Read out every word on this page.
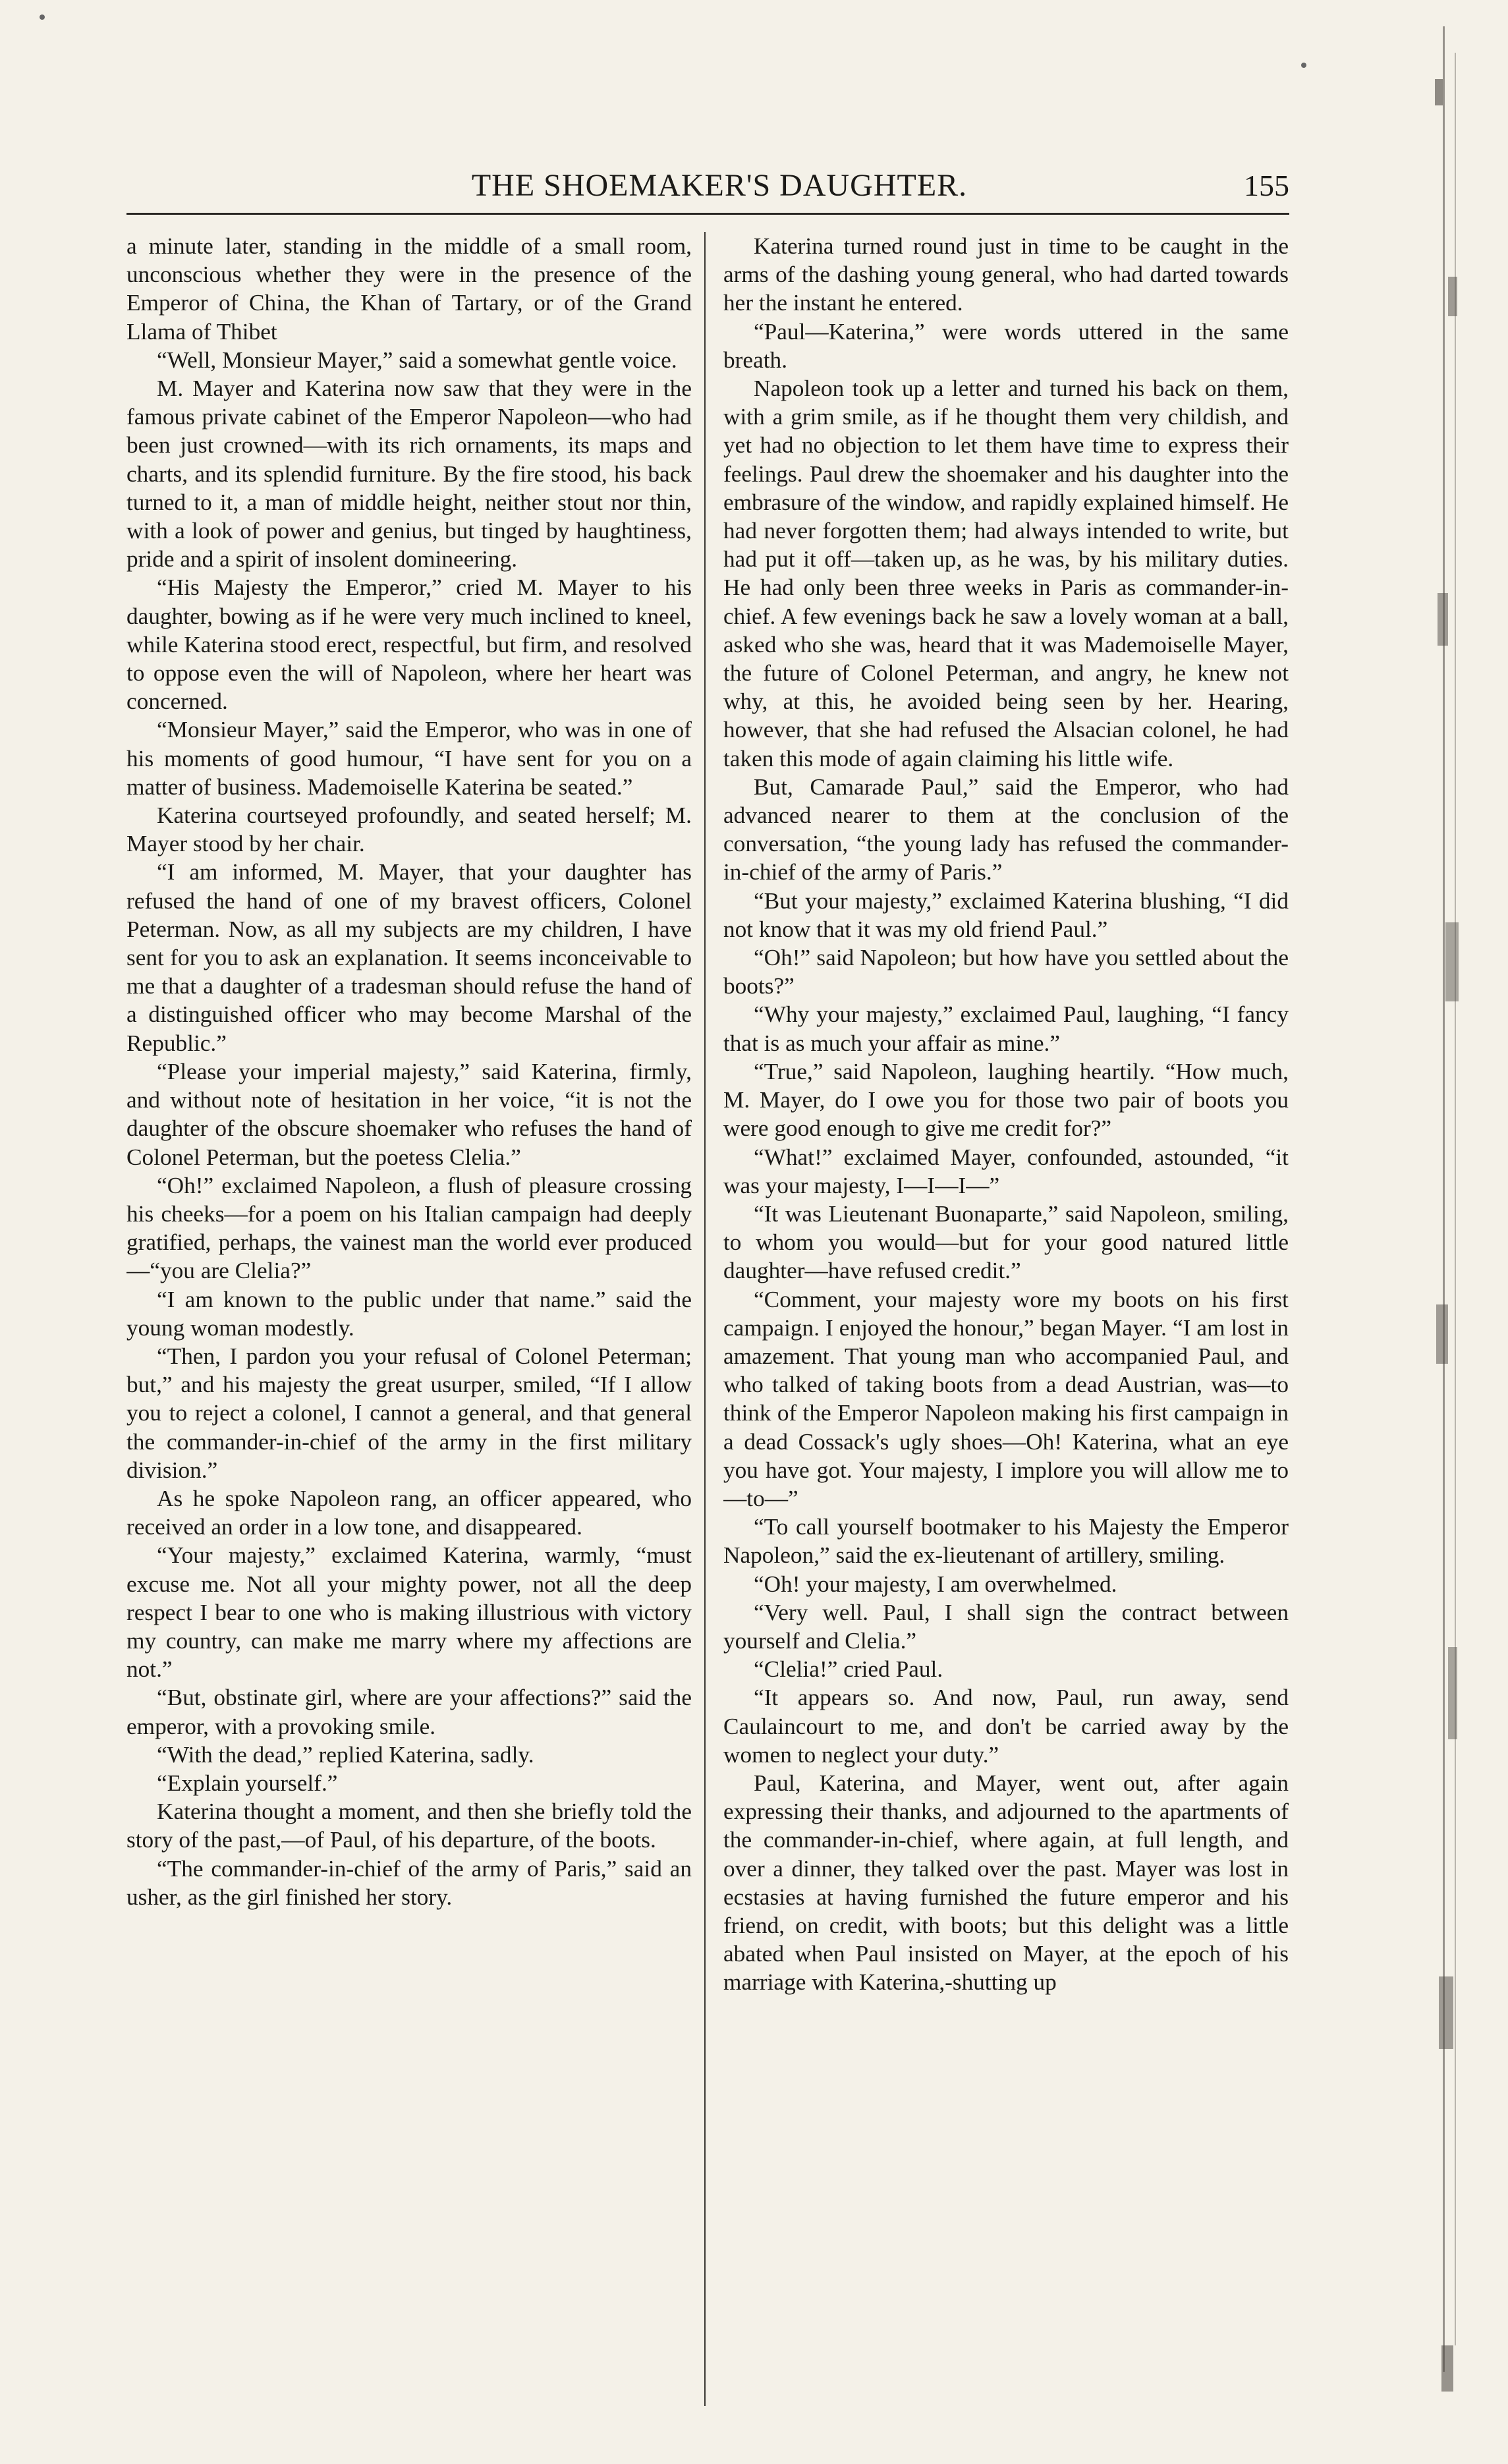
THE SHOEMAKER'S DAUGHTER.	155

a minute later, standing in the middle of a small room, unconscious whether they were in the presence of the Emperor of China, the Khan of Tartary, or of the Grand Llama of Thibet

“Well, Monsieur Mayer,” said a somewhat gentle voice.

M. Mayer and Katerina now saw that they were in the famous private cabinet of the Emperor Napoleon—who had been just crowned—with its rich ornaments, its maps and charts, and its splendid furniture. By the fire stood, his back turned to it, a man of middle height, neither stout nor thin, with a look of power and genius, but tinged by haughtiness, pride and a spirit of insolent domineering.

“His Majesty the Emperor,” cried M. Mayer to his daughter, bowing as if he were very much inclined to kneel, while Katerina stood erect, respectful, but firm, and resolved to oppose even the will of Napoleon, where her heart was concerned.

“Monsieur Mayer,” said the Emperor, who was in one of his moments of good humour, “I have sent for you on a matter of business. Mademoiselle Katerina be seated.”

Katerina courtseyed profoundly, and seated herself; M. Mayer stood by her chair.

“I am informed, M. Mayer, that your daughter has refused the hand of one of my bravest officers, Colonel Peterman. Now, as all my subjects are my children, I have sent for you to ask an explanation. It seems inconceivable to me that a daughter of a tradesman should refuse the hand of a distinguished officer who may become Marshal of the Republic.”

“Please your imperial majesty,” said Katerina, firmly, and without note of hesitation in her voice, “it is not the daughter of the obscure shoemaker who refuses the hand of Colonel Peterman, but the poetess Clelia.”

“Oh!” exclaimed Napoleon, a flush of pleasure crossing his cheeks—for a poem on his Italian campaign had deeply gratified, perhaps, the vainest man the world ever produced—“you are Clelia?”

“I am known to the public under that name.” said the young woman modestly.

“Then, I pardon you your refusal of Colonel Peterman; but,” and his majesty the great usurper, smiled, “If I allow you to reject a colonel, I cannot a general, and that general the commander-in-chief of the army in the first military division.”

As he spoke Napoleon rang, an officer appeared, who received an order in a low tone, and disappeared.

“Your majesty,” exclaimed Katerina, warmly, “must excuse me. Not all your mighty power, not all the deep respect I bear to one who is making illustrious with victory my country, can make me marry where my affections are not.”

“But, obstinate girl, where are your affections?” said the emperor, with a provoking smile.

“With the dead,” replied Katerina, sadly.

“Explain yourself.”

Katerina thought a moment, and then she briefly told the story of the past,—of Paul, of his departure, of the boots.

“The commander-in-chief of the army of Paris,” said an usher, as the girl finished her story.

Katerina turned round just in time to be caught in the arms of the dashing young general, who had darted towards her the instant he entered.

“Paul—Katerina,” were words uttered in the same breath.

Napoleon took up a letter and turned his back on them, with a grim smile, as if he thought them very childish, and yet had no objection to let them have time to express their feelings. Paul drew the shoemaker and his daughter into the embrasure of the window, and rapidly explained himself. He had never forgotten them; had always intended to write, but had put it off—taken up, as he was, by his military duties. He had only been three weeks in Paris as commander-in-chief. A few evenings back he saw a lovely woman at a ball, asked who she was, heard that it was Mademoiselle Mayer, the future of Colonel Peterman, and angry, he knew not why, at this, he avoided being seen by her. Hearing, however, that she had refused the Alsacian colonel, he had taken this mode of again claiming his little wife.

But, Camarade Paul,” said the Emperor, who had advanced nearer to them at the conclusion of the conversation, “the young lady has refused the commander-in-chief of the army of Paris.”

“But your majesty,” exclaimed Katerina blushing, “I did not know that it was my old friend Paul.”

“Oh!” said Napoleon; but how have you settled about the boots?”

“Why your majesty,” exclaimed Paul, laughing, “I fancy that is as much your affair as mine.”

“True,” said Napoleon, laughing heartily. “How much, M. Mayer, do I owe you for those two pair of boots you were good enough to give me credit for?”

“What!” exclaimed Mayer, confounded, astounded, “it was your majesty, I—I—I—”

“It was Lieutenant Buonaparte,” said Napoleon, smiling, to whom you would—but for your good natured little daughter—have refused credit.”

“Comment, your majesty wore my boots on his first campaign. I enjoyed the honour,” began Mayer. “I am lost in amazement. That young man who accompanied Paul, and who talked of taking boots from a dead Austrian, was—to think of the Emperor Napoleon making his first campaign in a dead Cossack's ugly shoes—Oh! Katerina, what an eye you have got. Your majesty, I implore you will allow me to—to—”

“To call yourself bootmaker to his Majesty the Emperor Napoleon,” said the ex-lieutenant of artillery, smiling.

“Oh! your majesty, I am overwhelmed.

“Very well. Paul, I shall sign the contract between yourself and Clelia.”

“Clelia!” cried Paul.

“It appears so. And now, Paul, run away, send Caulaincourt to me, and don't be carried away by the women to neglect your duty.”

Paul, Katerina, and Mayer, went out, after again expressing their thanks, and adjourned to the apartments of the commander-in-chief, where again, at full length, and over a dinner, they talked over the past. Mayer was lost in ecstasies at having furnished the future emperor and his friend, on credit, with boots; but this delight was a little abated when Paul insisted on Mayer, at the epoch of his marriage with Katerina,-shutting up
